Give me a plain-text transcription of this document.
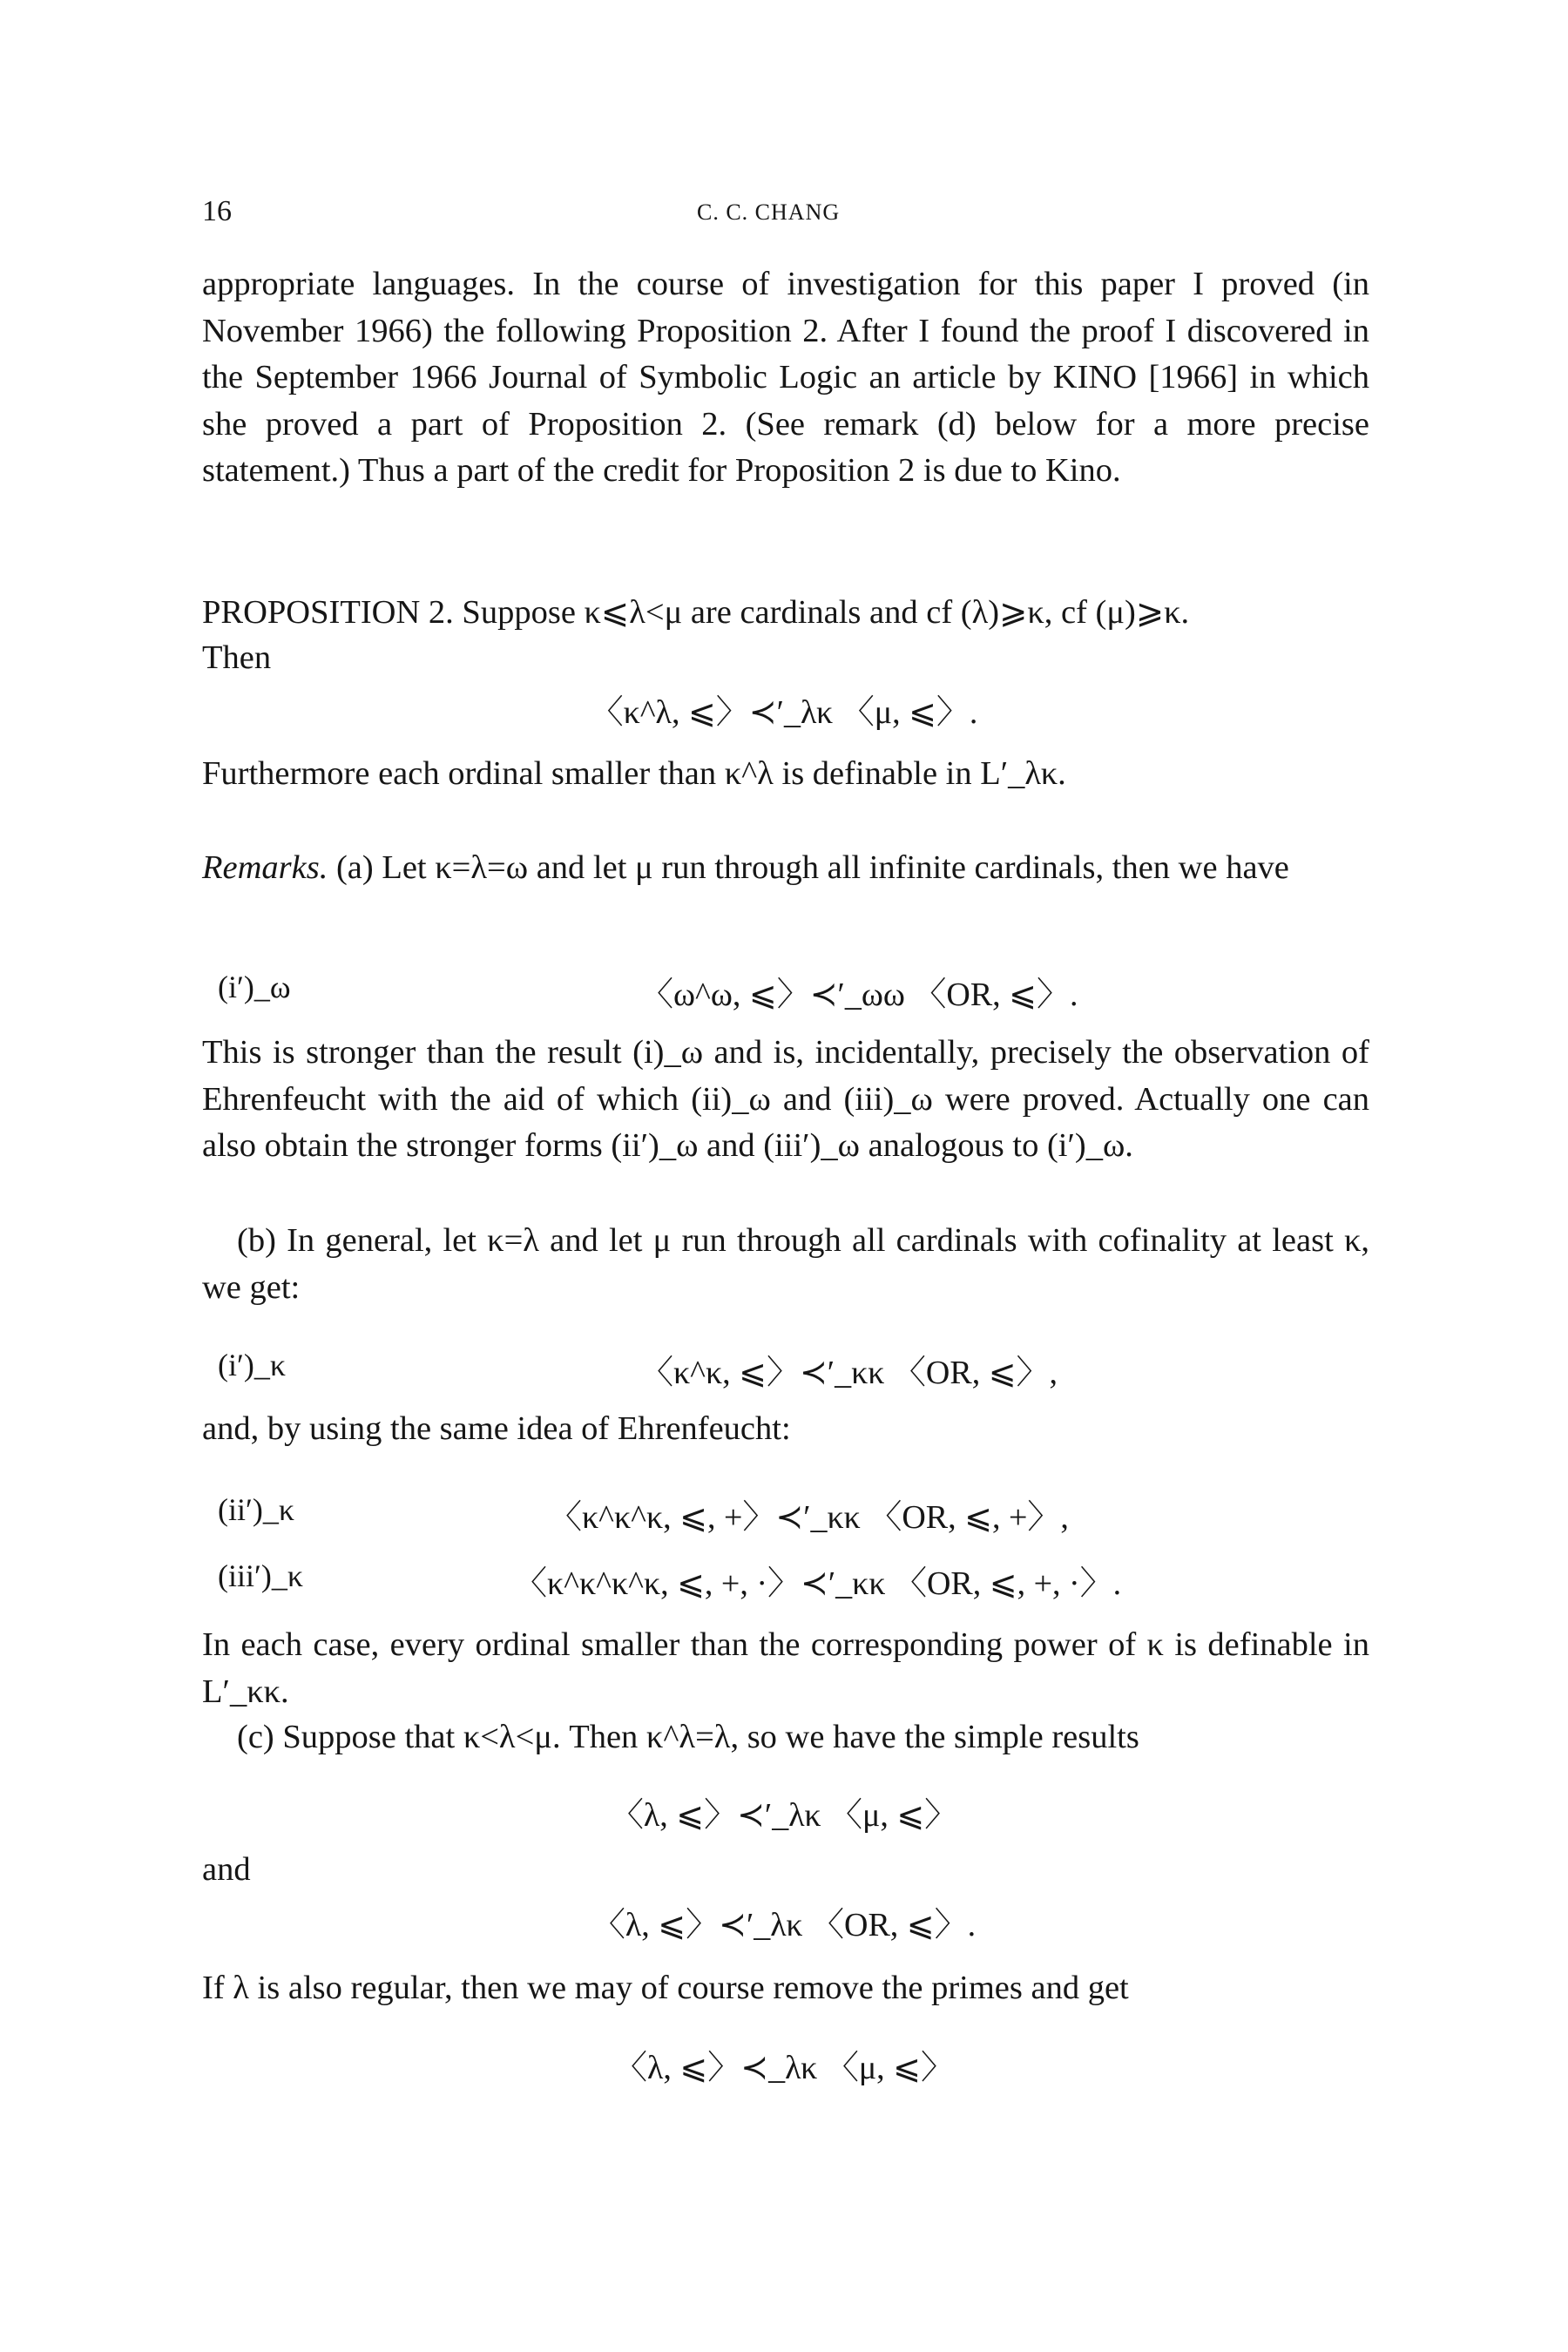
16	C. C. CHANG

appropriate languages. In the course of investigation for this paper I proved (in November 1966) the following Proposition 2. After I found the proof I discovered in the September 1966 Journal of Symbolic Logic an article by KINO [1966] in which she proved a part of Proposition 2. (See remark (d) below for a more precise statement.) Thus a part of the credit for Proposition 2 is due to Kino.

PROPOSITION 2. Suppose κ⩽λ<μ are cardinals and cf (λ)⩾κ, cf (μ)⩾κ.

Then
〈κ^λ, ⩽〉≺′_λκ 〈μ, ⩽〉.
Furthermore each ordinal smaller than κ^λ is definable in L′_λκ.

Remarks. (a) Let κ=λ=ω and let μ run through all infinite cardinals, then we have

(i′)_ω	〈ω^ω, ⩽〉≺′_ωω 〈OR, ⩽〉.

This is stronger than the result (i)_ω and is, incidentally, precisely the observation of Ehrenfeucht with the aid of which (ii)_ω and (iii)_ω were proved. Actually one can also obtain the stronger forms (ii′)_ω and (iii′)_ω analogous to (i′)_ω.

(b) In general, let κ=λ and let μ run through all cardinals with cofinality at least κ, we get:

(i′)_κ	〈κ^κ, ⩽〉≺′_κκ 〈OR, ⩽〉,
and, by using the same idea of Ehrenfeucht:
(ii′)_κ	〈κ^κ^κ, ⩽, +〉≺′_κκ 〈OR, ⩽, +〉,
(iii′)_κ	〈κ^κ^κ^κ, ⩽, +, ·〉≺′_κκ 〈OR, ⩽, +, ·〉.

In each case, every ordinal smaller than the corresponding power of κ is definable in L′_κκ.

(c) Suppose that κ<λ<μ. Then κ^λ=λ, so we have the simple results

〈λ, ⩽〉≺′_λκ 〈μ, ⩽〉
and
〈λ, ⩽〉≺′_λκ 〈OR, ⩽〉.
If λ is also regular, then we may of course remove the primes and get
〈λ, ⩽〉≺_λκ 〈μ, ⩽〉
